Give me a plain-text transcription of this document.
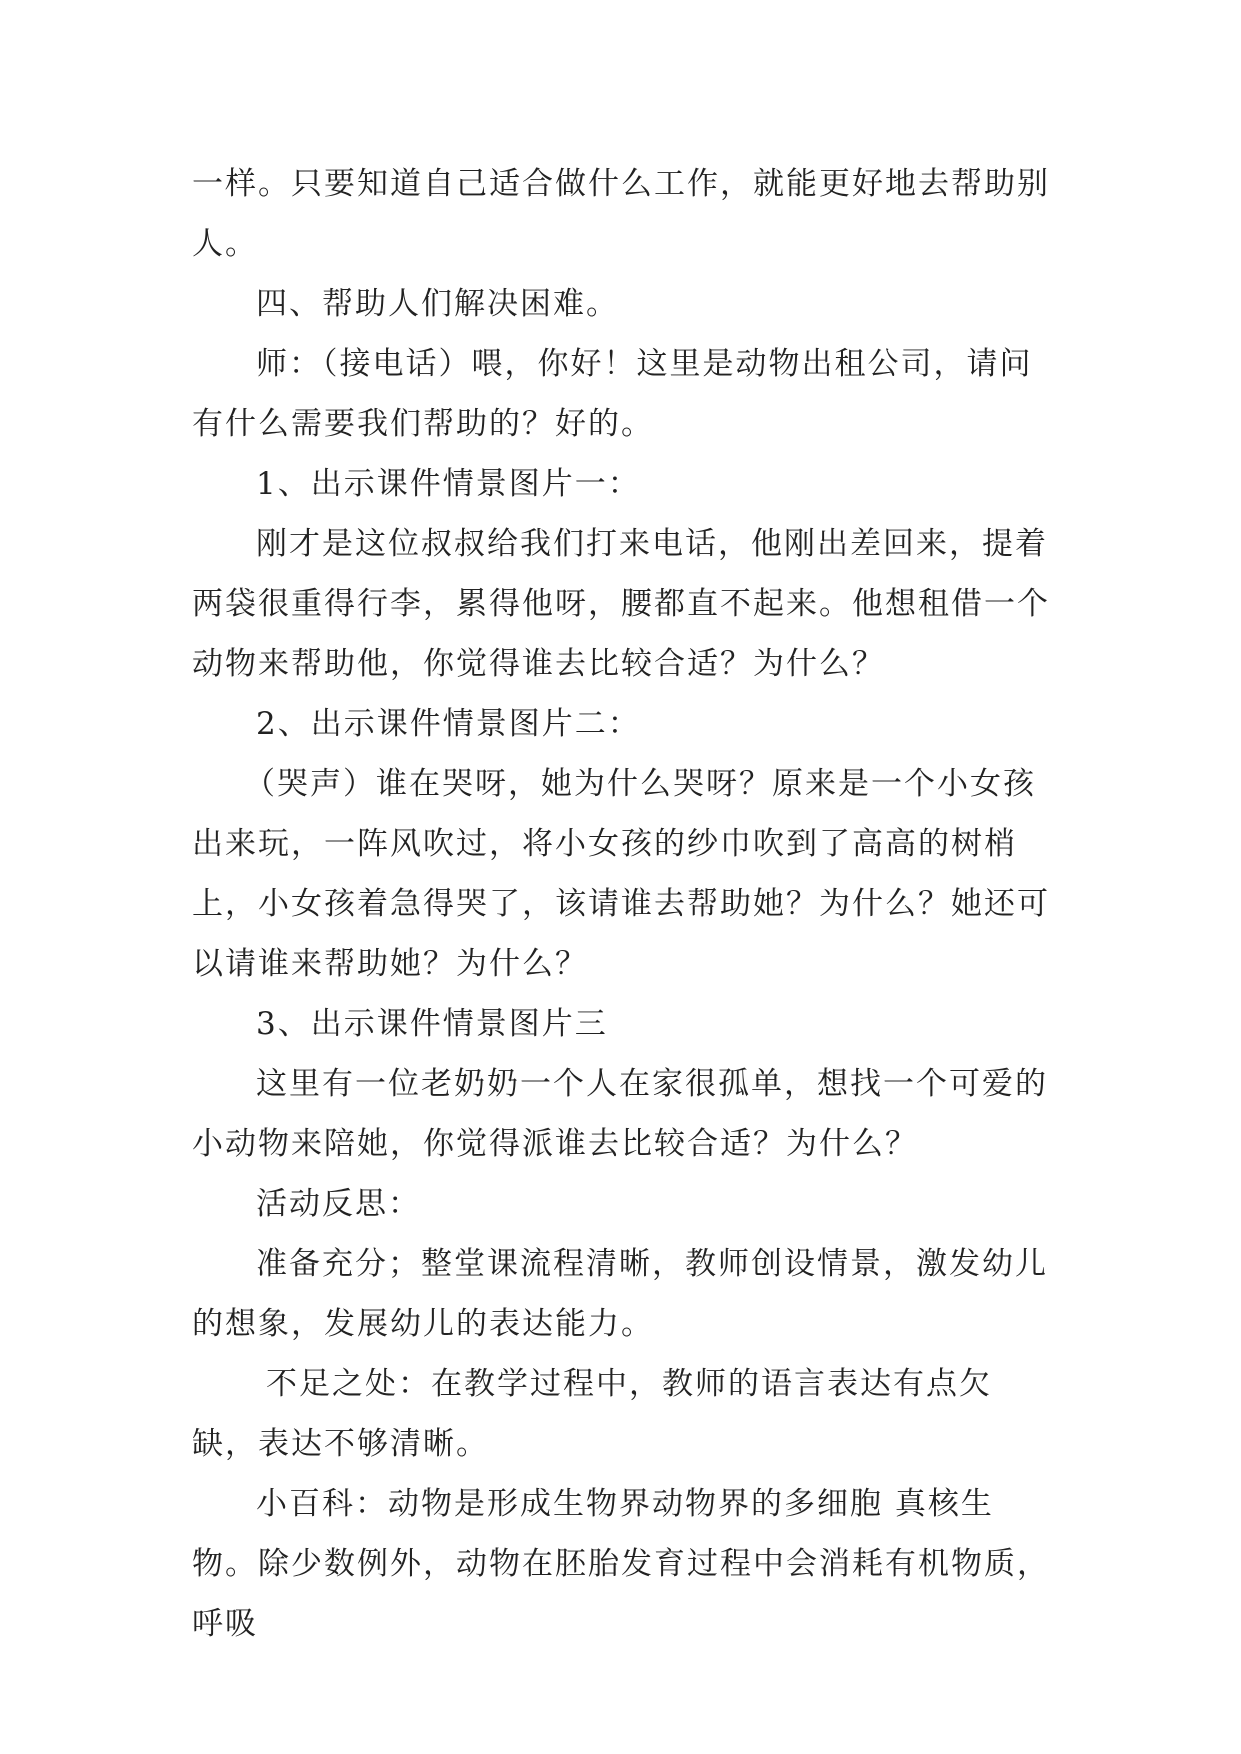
一样。只要知道自己适合做什么工作，就能更好地去帮助别人。

四、帮助人们解决困难。

师：（接电话）喂，你好！这里是动物出租公司，请问有什么需要我们帮助的？好的。

1、出示课件情景图片一：

刚才是这位叔叔给我们打来电话，他刚出差回来，提着两袋很重得行李，累得他呀，腰都直不起来。他想租借一个动物来帮助他，你觉得谁去比较合适？为什么？

2、出示课件情景图片二：

（哭声）谁在哭呀，她为什么哭呀？原来是一个小女孩出来玩，一阵风吹过，将小女孩的纱巾吹到了高高的树梢上，小女孩着急得哭了，该请谁去帮助她？为什么？她还可以请谁来帮助她？为什么？

3、出示课件情景图片三

这里有一位老奶奶一个人在家很孤单，想找一个可爱的小动物来陪她，你觉得派谁去比较合适？为什么？

活动反思：

准备充分；整堂课流程清晰，教师创设情景，激发幼儿的想象，发展幼儿的表达能力。

不足之处：在教学过程中，教师的语言表达有点欠缺，表达不够清晰。

小百科：动物是形成生物界动物界的多细胞 真核生物。除少数例外，动物在胚胎发育过程中会消耗有机物质，呼吸
